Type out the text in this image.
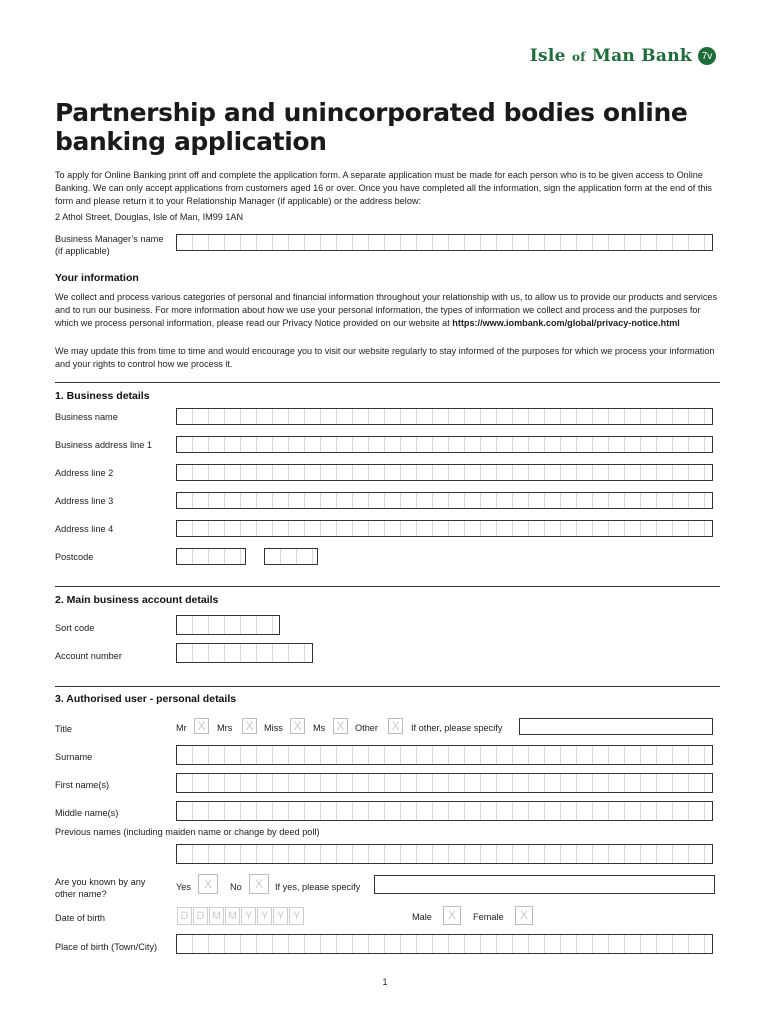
Isle of Man Bank 7v
Partnership and unincorporated bodies online banking application
To apply for Online Banking print off and complete the application form. A separate application must be made for each person who is to be given access to Online Banking. We can only accept applications from customers aged 16 or over. Once you have completed all the information, sign the application form at the end of this form and please return it to your Relationship Manager (if applicable) or the address below:
2 Athol Street, Douglas, Isle of Man, IM99 1AN
Business Manager’s name (if applicable)
Your information
We collect and process various categories of personal and financial information throughout your relationship with us, to allow us to provide our products and services and to run our business. For more information about how we use your personal information, the types of information we collect and process and the purposes for which we process personal information, please read our Privacy Notice provided on our website at https://www.iombank.com/global/privacy-notice.html
We may update this from time to time and would encourage you to visit our website regularly to stay informed of the purposes for which we process your information and your rights to control how we process it.
1. Business details
Business name
Business address line 1
Address line 2
Address line 3
Address line 4
Postcode
2. Main business account details
Sort code
Account number
3. Authorised user - personal details
Title	Mr X	Mrs X	Miss X	Ms X	Other X	If other, please specify
Surname
First name(s)
Middle name(s)
Previous names (including maiden name or change by deed poll)
Are you known by any other name?
Yes	X	No	X	If yes, please specify
Date of birth	D D M M Y Y Y Y	Male	X	Female	X
Place of birth (Town/City)
1
